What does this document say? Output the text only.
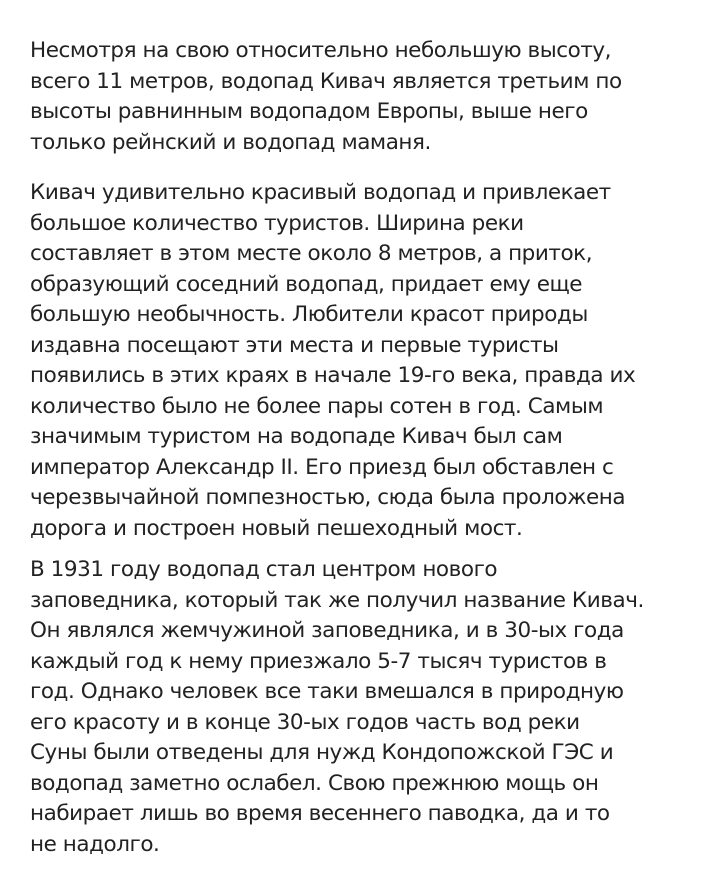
Несмотря на свою относительно небольшую высоту,
всего 11 метров, водопад Кивач является третьим по
высоты равнинным водопадом Европы, выше него
только рейнский и водопад маманя.

Кивач удивительно красивый водопад и привлекает
большое количество туристов. Ширина реки
составляет в этом месте около 8 метров, а приток,
образующий соседний водопад, придает ему еще
большую необычность. Любители красот природы
издавна посещают эти места и первые туристы
появились в этих краях в начале 19-го века, правда их
количество было не более пары сотен в год. Самым
значимым туристом на водопаде Кивач был сам
император Александр II. Его приезд был обставлен с
черезвычайной помпезностью, сюда была проложена
дорога и построен новый пешеходный мост.

В 1931 году водопад стал центром нового
заповедника, который так же получил название Кивач.
Он являлся жемчужиной заповедника, и в 30-ых года
каждый год к нему приезжало 5-7 тысяч туристов в
год. Однако человек все таки вмешался в природную
его красоту и в конце 30-ых годов часть вод реки
Суны были отведены для нужд Кондопожской ГЭС и
водопад заметно ослабел. Свою прежнюю мощь он
набирает лишь во время весеннего паводка, да и то
не надолго.
